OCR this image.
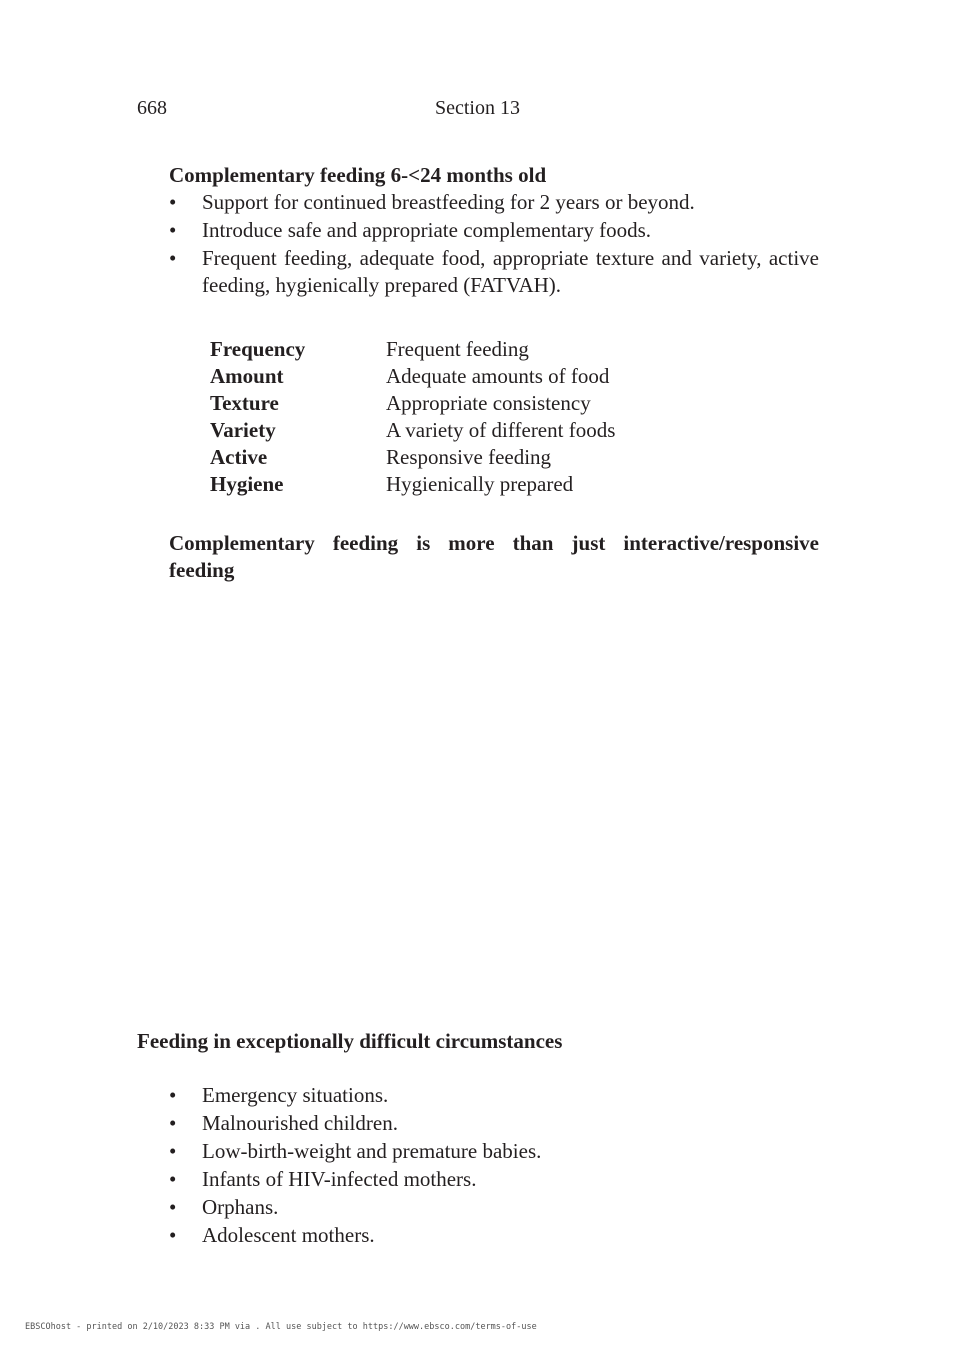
668	Section 13
Complementary feeding 6-<24 months old
•	Support for continued breastfeeding for 2 years or beyond.
•	Introduce safe and appropriate complementary foods.
•	Frequent feeding, adequate food, appropriate texture and variety, active feeding, hygienically prepared (FATVAH).
Frequency	Frequent feeding
Amount	Adequate amounts of food
Texture	Appropriate consistency
Variety	A variety of different foods
Active	Responsive feeding
Hygiene	Hygienically prepared
Complementary feeding is more than just interactive/responsive
feeding
Feeding in exceptionally difficult circumstances
•	Emergency situations.
•	Malnourished children.
•	Low-birth-weight and premature babies.
•	Infants of HIV-infected mothers.
•	Orphans.
•	Adolescent mothers.
EBSCOhost - printed on 2/10/2023 8:33 PM via . All use subject to https://www.ebsco.com/terms-of-use
